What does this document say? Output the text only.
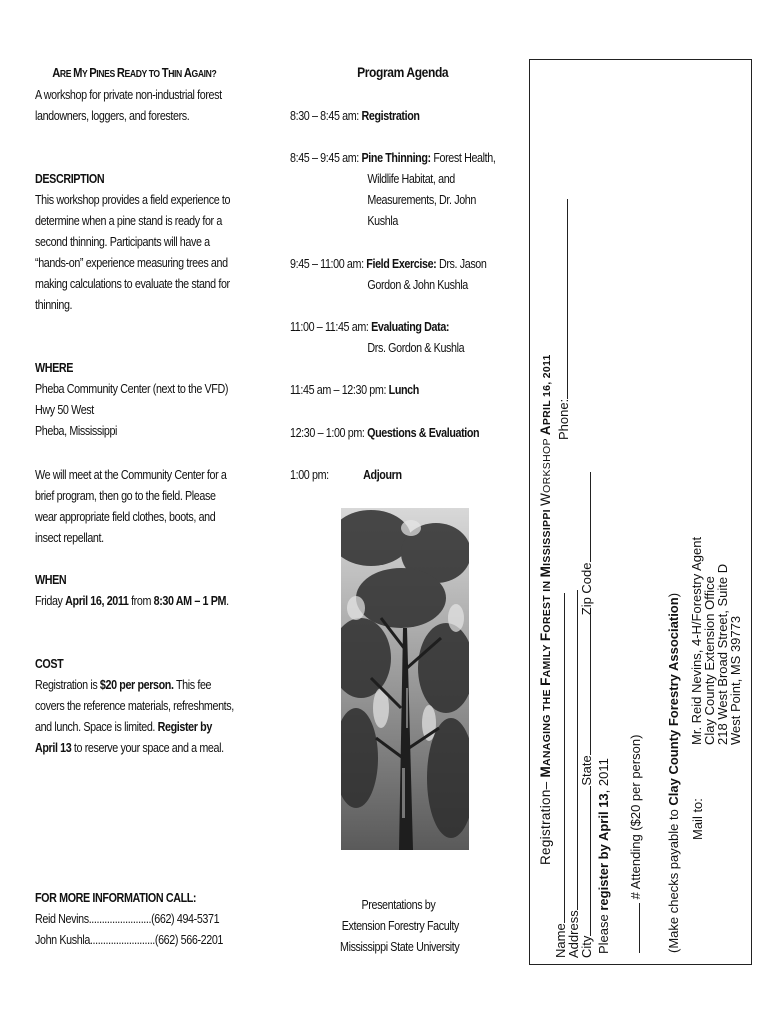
ARE MY PINES READY TO THIN AGAIN?
A workshop for private non-industrial forest
landowners, loggers, and foresters.
DESCRIPTION
This workshop provides a field experience to
determine when a pine stand is ready for a
second thinning. Participants will have a
“hands-on” experience measuring trees and
making calculations to evaluate the stand for
thinning.
WHERE
Pheba Community Center (next to the VFD)
Hwy 50 West
Pheba, Mississippi
We will meet at the Community Center for a
brief program, then go to the field. Please
wear appropriate field clothes, boots, and
insect repellant.
WHEN
Friday April 16, 2011 from 8:30 AM – 1 PM.
COST
Registration is $20 per person. This fee
covers the reference materials, refreshments,
and lunch. Space is limited. Register by
April 13 to reserve your space and a meal.
FOR MORE INFORMATION CALL:
Reid Nevins........................(662) 494-5371
John Kushla.........................(662) 566-2201
Program Agenda
8:30 – 8:45 am: Registration
8:45 – 9:45 am: Pine Thinning: Forest Health,
Wildlife Habitat, and
Measurements, Dr. John
Kushla
9:45 – 11:00 am: Field Exercise: Drs. Jason
Gordon & John Kushla
11:00 – 11:45 am: Evaluating Data:
Drs. Gordon & Kushla
11:45 am – 12:30 pm: Lunch
12:30 – 1:00 pm: Questions & Evaluation
1:00 pm:	Adjourn
Presentations by
Extension Forestry Faculty
Mississippi State University
Registration– MANAGING THE FAMILY FOREST IN MISSISSIPPI WORKSHOP APRIL 16, 2011 Phone:
Name
Address
CityStateZip Code
Please register by April 13, 2011 # Attending ($20 per person) (Make checks payable to Clay County Forestry Association)
Mail to:
Mr. Reid Nevins, 4-H/Forestry Agent
Clay County Extension Office
218 West Broad Street, Suite D
West Point, MS 39773
